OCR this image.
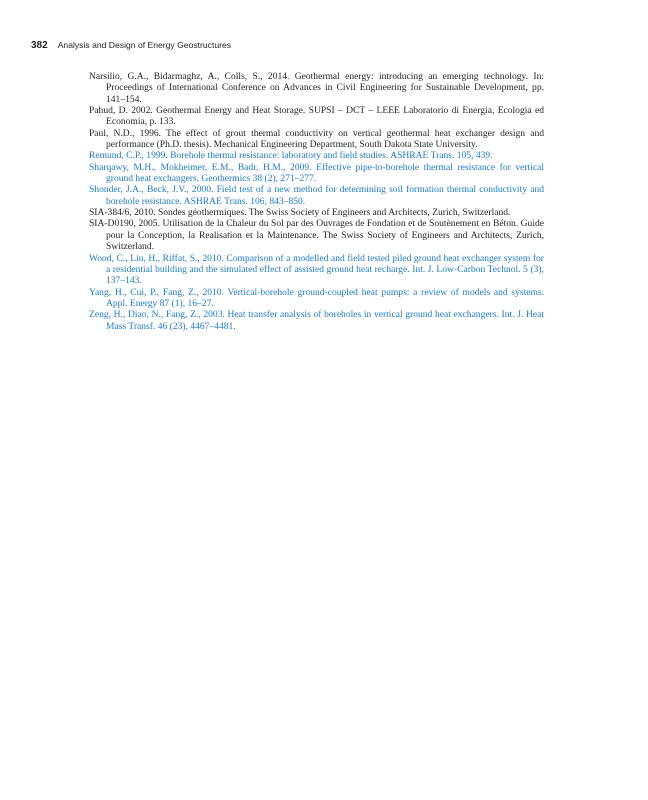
382 Analysis and Design of Energy Geostructures
Narsilio, G.A., Bidarmaghz, A., Colls, S., 2014. Geothermal energy: introducing an emerging technology. In: Proceedings of International Conference on Advances in Civil Engineering for Sustainable Development, pp. 141–154.
Pahud, D. 2002. Geothermal Energy and Heat Storage. SUPSI – DCT – LEEE Laboratorio di Energia, Ecologia ed Economia, p. 133.
Paul, N.D., 1996. The effect of grout thermal conductivity on vertical geothermal heat exchanger design and performance (Ph.D. thesis). Mechanical Engineering Department, South Dakota State University.
Remund, C.P., 1999. Borehole thermal resistance: laboratory and field studies. ASHRAE Trans. 105, 439.
Sharqawy, M.H., Mokheimer, E.M., Badr, H.M., 2009. Effective pipe-to-borehole thermal resistance for vertical ground heat exchangers. Geothermics 38 (2), 271–277.
Shonder, J.A., Beck, J.V., 2000. Field test of a new method for determining soil formation thermal conductivity and borehole resistance. ASHRAE Trans. 106, 843–850.
SIA-384/6, 2010. Sondes géothermiques. The Swiss Society of Engineers and Architects, Zurich, Switzerland.
SIA-D0190, 2005. Utilisation de la Chaleur du Sol par des Ouvrages de Fondation et de Soutènement en Béton. Guide pour la Conception, la Realisation et la Maintenance. The Swiss Society of Engineers and Architects, Zurich, Switzerland.
Wood, C., Liu, H., Riffat, S., 2010. Comparison of a modelled and field tested piled ground heat exchanger system for a residential building and the simulated effect of assisted ground heat recharge. Int. J. Low-Carbon Technol. 5 (3), 137–143.
Yang, H., Cui, P., Fang, Z., 2010. Vertical-borehole ground-coupled heat pumps: a review of models and systems. Appl. Energy 87 (1), 16–27.
Zeng, H., Diao, N., Fang, Z., 2003. Heat transfer analysis of boreholes in vertical ground heat exchangers. Int. J. Heat Mass Transf. 46 (23), 4467–4481.
